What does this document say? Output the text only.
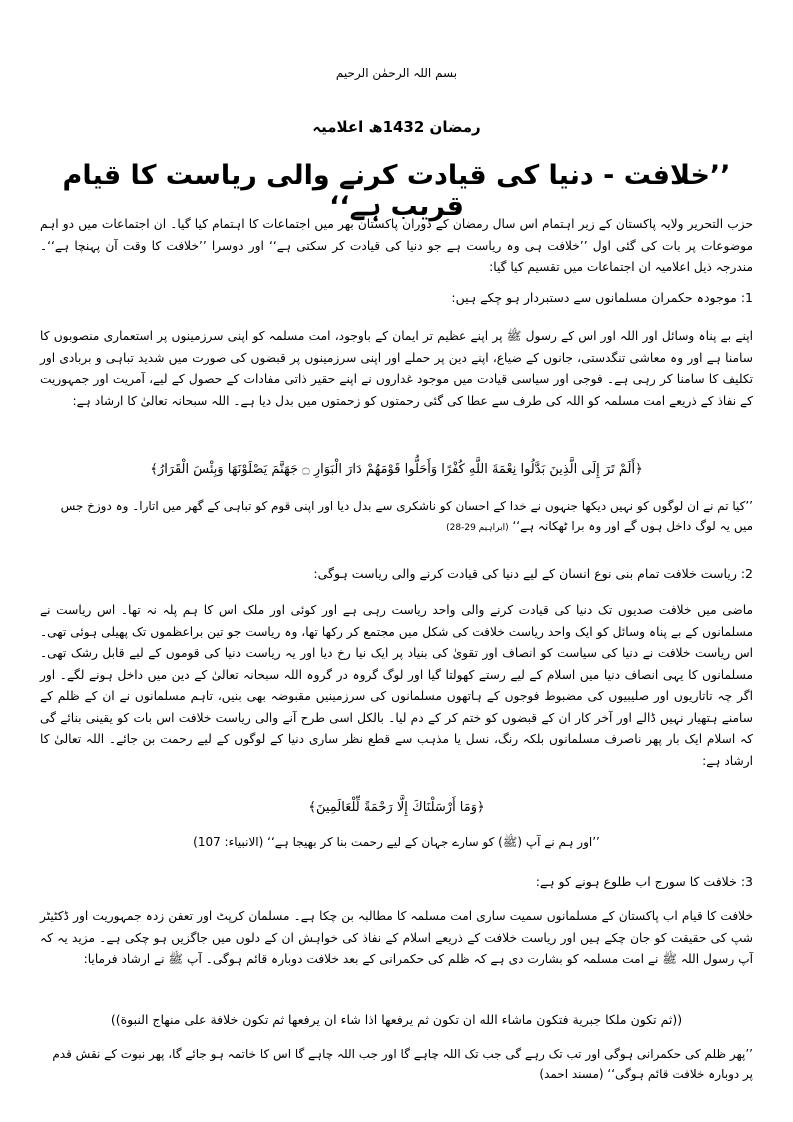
بسم اللہ الرحمٰن الرحیم
رمضان 1432ھ اعلامیہ
’’خلافت - دنیا کی قیادت کرنے والی ریاست کا قیام قریب ہے‘‘
حزب التحریر ولایہ پاکستان کے زیر اہتمام اس سال رمضان کے دوران پاکستان بھر میں اجتماعات کا اہتمام کیا گیا۔ ان اجتماعات میں دو اہم موضوعات پر بات کی گئی اول ’’خلافت ہی وہ ریاست ہے جو دنیا کی قیادت کر سکتی ہے‘‘ اور دوسرا ’’خلافت کا وقت آن پہنچا ہے‘‘۔ مندرجہ ذیل اعلامیہ ان اجتماعات میں تقسیم کیا گیا:
1: موجودہ حکمران مسلمانوں سے دستبردار ہو چکے ہیں:
اپنے بے پناہ وسائل اور اللہ اور اس کے رسول ﷺ پر اپنے عظیم تر ایمان کے باوجود، امت مسلمہ کو اپنی سرزمینوں پر استعماری منصوبوں کا سامنا ہے اور وہ معاشی تنگدستی، جانوں کے ضیاع، اپنے دین پر حملے اور اپنی سرزمینوں پر قبضوں کی صورت میں شدید تباہی و بربادی اور تکلیف کا سامنا کر رہی ہے۔ فوجی اور سیاسی قیادت میں موجود غداروں نے اپنے حقیر ذاتی مفادات کے حصول کے لیے، آمریت اور جمہوریت کے نفاذ کے ذریعے امت مسلمہ کو اللہ کی طرف سے عطا کی گئی رحمتوں کو زحمتوں میں بدل دیا ہے۔ اللہ سبحانہ تعالیٰ کا ارشاد ہے:
﴿أَلَمْ تَرَ إِلَى الَّذِينَ بَدَّلُوا نِعْمَةَ اللَّهِ كُفْرًا وَأَحَلُّوا قَوْمَهُمْ دَارَ الْبَوَارِ ۝ جَهَنَّمَ يَصْلَوْنَهَا وَبِئْسَ الْقَرَارُ﴾
’’کیا تم نے ان لوگوں کو نہیں دیکھا جنہوں نے خدا کے احسان کو ناشکری سے بدل دیا اور اپنی قوم کو تباہی کے گھر میں اتارا۔ وہ دوزخ جس میں یہ لوگ داخل ہوں گے اور وہ برا ٹھکانہ ہے‘‘ (ابراہیم 29-28)
2: ریاست خلافت تمام بنی نوع انسان کے لیے دنیا کی قیادت کرنے والی ریاست ہوگی:
ماضی میں خلافت صدیوں تک دنیا کی قیادت کرنے والی واحد ریاست رہی ہے اور کوئی اور ملک اس کا ہم پلہ نہ تھا۔ اس ریاست نے مسلمانوں کے بے پناہ وسائل کو ایک واحد ریاست خلافت کی شکل میں مجتمع کر رکھا تھا، وہ ریاست جو تین براعظموں تک پھیلی ہوئی تھی۔ اس ریاست خلافت نے دنیا کی سیاست کو انصاف اور تقویٰ کی بنیاد پر ایک نیا رخ دیا اور یہ ریاست دنیا کی قوموں کے لیے قابل رشک تھی۔ مسلمانوں کا یہی انصاف دنیا میں اسلام کے لیے رستے کھولتا گیا اور لوگ گروہ در گروہ اللہ سبحانہ تعالیٰ کے دین میں داخل ہونے لگے۔ اور اگر چہ تاتاریوں اور صلیبیوں کی مضبوط فوجوں کے ہاتھوں مسلمانوں کی سرزمینیں مقبوضہ بھی بنیں، تاہم مسلمانوں نے ان کے ظلم کے سامنے ہتھیار نہیں ڈالے اور آخر کار ان کے قبضوں کو ختم کر کے دم لیا۔ بالکل اسی طرح آنے والی ریاست خلافت اس بات کو یقینی بنائے گی کہ اسلام ایک بار پھر ناصرف مسلمانوں بلکہ رنگ، نسل یا مذہب سے قطع نظر ساری دنیا کے لوگوں کے لیے رحمت بن جائے۔ اللہ تعالیٰ کا ارشاد ہے:
﴿وَمَا أَرْسَلْنَاكَ إِلَّا رَحْمَةً لِّلْعَالَمِينَ﴾
’’اور ہم نے آپ (ﷺ) کو سارے جہان کے لیے رحمت بنا کر بھیجا ہے‘‘ (الانبیاء: 107)
3: خلافت کا سورج اب طلوع ہونے کو ہے:
خلافت کا قیام اب پاکستان کے مسلمانوں سمیت ساری امت مسلمہ کا مطالبہ بن چکا ہے۔ مسلمان کرپٹ اور تعفن زدہ جمہوریت اور ڈکٹیٹر شپ کی حقیقت کو جان چکے ہیں اور ریاست خلافت کے ذریعے اسلام کے نفاذ کی خواہش ان کے دلوں میں جاگزیں ہو چکی ہے۔ مزید یہ کہ آپ رسول اللہ ﷺ نے امت مسلمہ کو بشارت دی ہے کہ ظلم کی حکمرانی کے بعد خلافت دوبارہ قائم ہوگی۔ آپ ﷺ نے ارشاد فرمایا:
((ثم تكون ملكا جبرية فتكون ماشاء الله ان تكون ثم يرفعها اذا شاء ان يرفعها ثم تكون خلافة على منهاج النبوة))
’’پھر ظلم کی حکمرانی ہوگی اور تب تک رہے گی جب تک اللہ چاہے گا اور جب اللہ چاہے گا اس کا خاتمہ ہو جائے گا، پھر نبوت کے نقش قدم پر دوبارہ خلافت قائم ہوگی‘‘ (مسند احمد)
